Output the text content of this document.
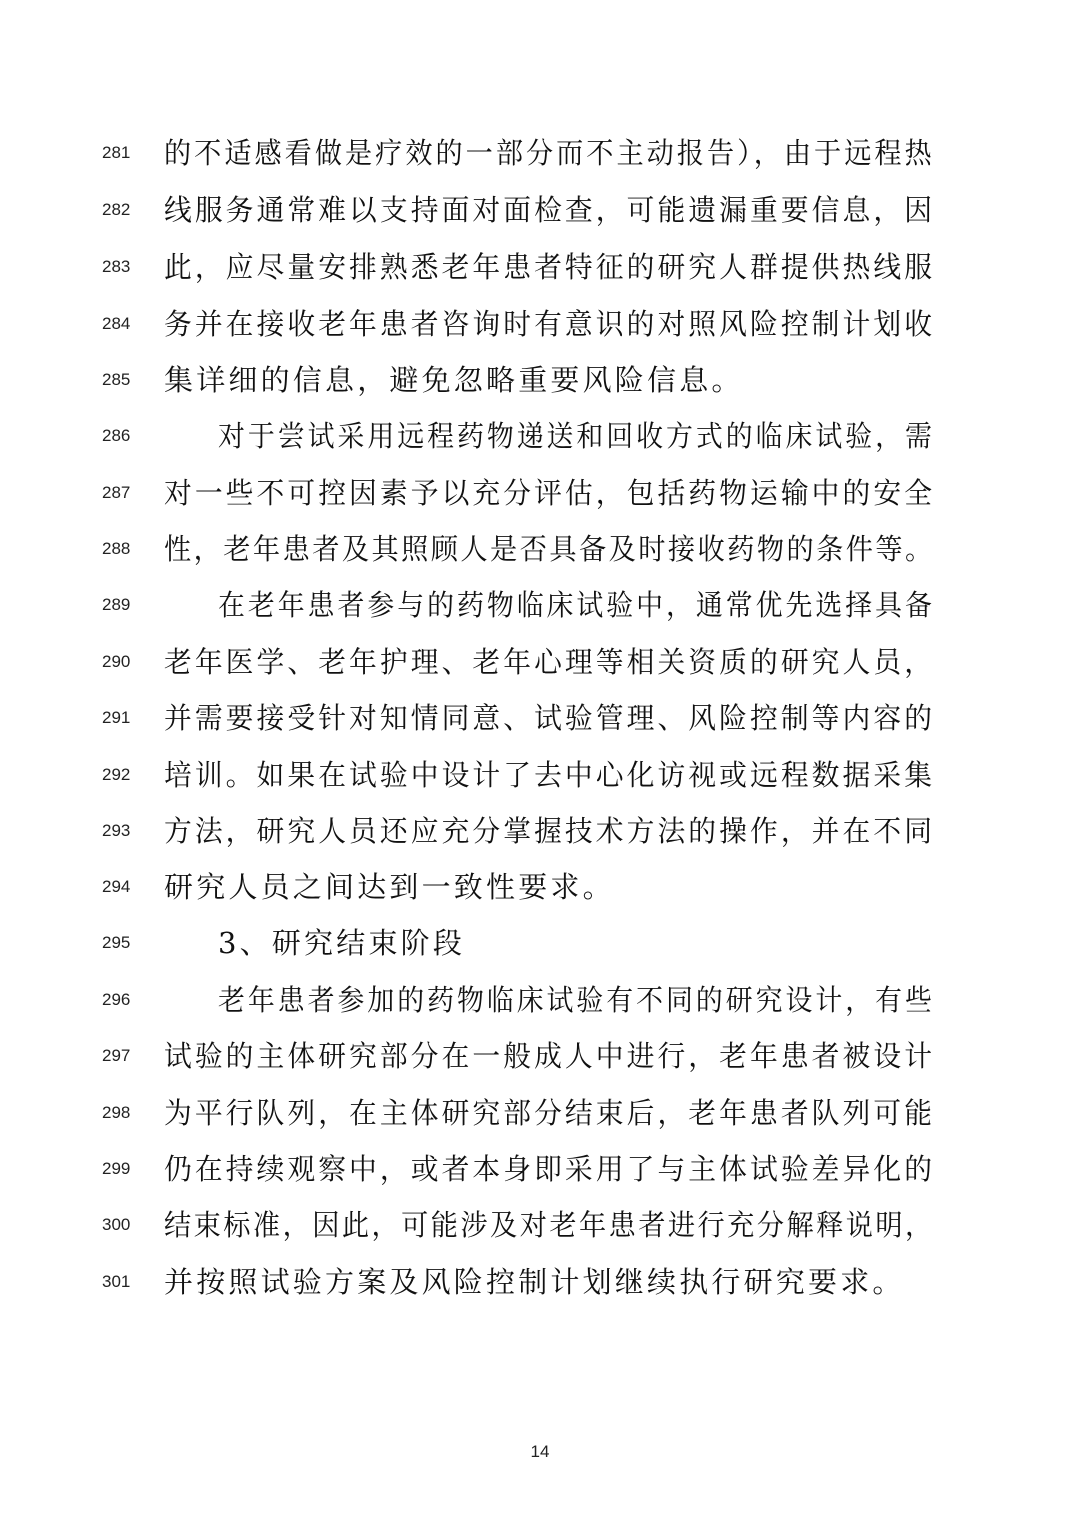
281 的不适感看做是疗效的一部分而不主动报告），由于远程热
282 线服务通常难以支持面对面检查，可能遗漏重要信息，因
283 此，应尽量安排熟悉老年患者特征的研究人群提供热线服
284 务并在接收老年患者咨询时有意识的对照风险控制计划收
285 集详细的信息，避免忽略重要风险信息。
286	对于尝试采用远程药物递送和回收方式的临床试验，需
287 对一些不可控因素予以充分评估，包括药物运输中的安全
288 性，老年患者及其照顾人是否具备及时接收药物的条件等。
289	在老年患者参与的药物临床试验中，通常优先选择具备
290 老年医学、老年护理、老年心理等相关资质的研究人员，
291 并需要接受针对知情同意、试验管理、风险控制等内容的
292 培训。如果在试验中设计了去中心化访视或远程数据采集
293 方法，研究人员还应充分掌握技术方法的操作，并在不同
294 研究人员之间达到一致性要求。
295	3、研究结束阶段
296	老年患者参加的药物临床试验有不同的研究设计，有些
297 试验的主体研究部分在一般成人中进行，老年患者被设计
298 为平行队列，在主体研究部分结束后，老年患者队列可能
299 仍在持续观察中，或者本身即采用了与主体试验差异化的
300 结束标准，因此，可能涉及对老年患者进行充分解释说明，
301 并按照试验方案及风险控制计划继续执行研究要求。
14
